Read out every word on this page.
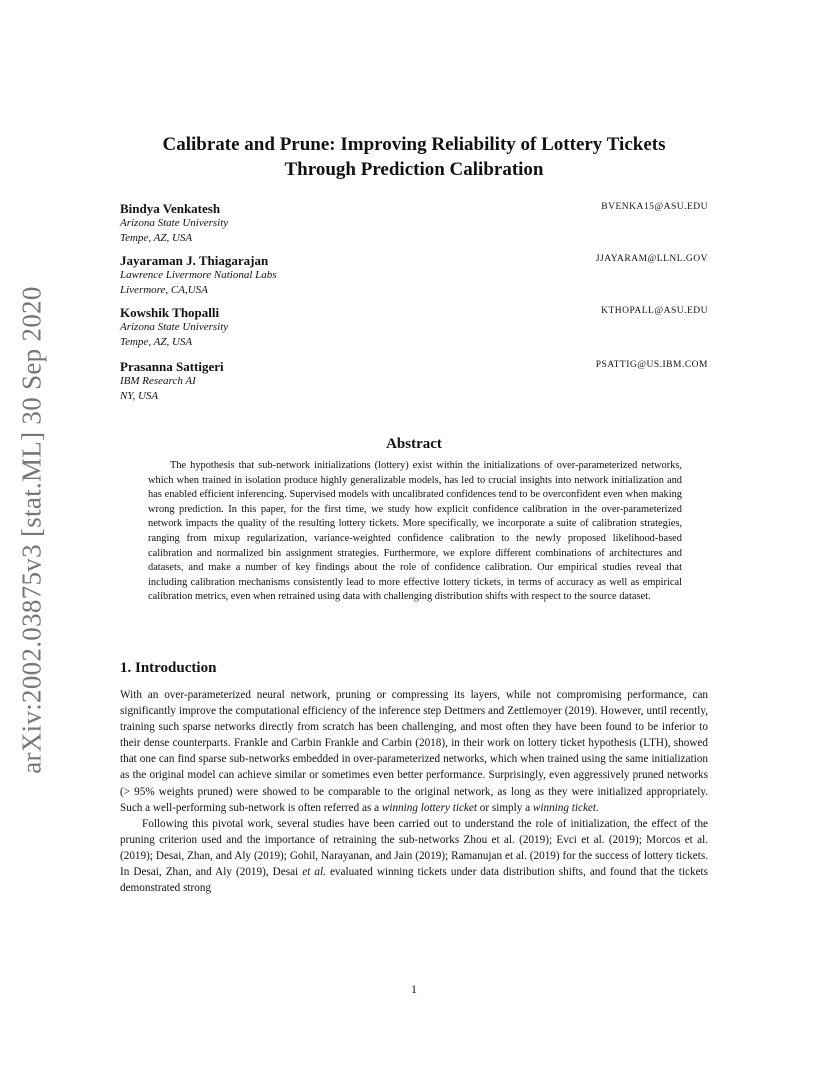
arXiv:2002.03875v3 [stat.ML] 30 Sep 2020
Calibrate and Prune: Improving Reliability of Lottery Tickets
Through Prediction Calibration
Bindya Venkatesh
Arizona State University
Tempe, AZ, USA
BVENKA15@ASU.EDU
Jayaraman J. Thiagarajan
Lawrence Livermore National Labs
Livermore, CA,USA
JJAYARAM@LLNL.GOV
Kowshik Thopalli
Arizona State University
Tempe, AZ, USA
KTHOPALL@ASU.EDU
Prasanna Sattigeri
IBM Research AI
NY, USA
PSATTIG@US.IBM.COM
Abstract
The hypothesis that sub-network initializations (lottery) exist within the initializations of over-parameterized networks, which when trained in isolation produce highly generalizable models, has led to crucial insights into network initialization and has enabled efficient inferencing. Supervised models with uncalibrated confidences tend to be overconfident even when making wrong prediction. In this paper, for the first time, we study how explicit confidence calibration in the over-parameterized network impacts the quality of the resulting lottery tickets. More specifically, we incorporate a suite of calibration strategies, ranging from mixup regularization, variance-weighted confidence calibration to the newly proposed likelihood-based calibration and normalized bin assignment strategies. Furthermore, we explore different combinations of architectures and datasets, and make a number of key findings about the role of confidence calibration. Our empirical studies reveal that including calibration mechanisms consistently lead to more effective lottery tickets, in terms of accuracy as well as empirical calibration metrics, even when retrained using data with challenging distribution shifts with respect to the source dataset.
1. Introduction

With an over-parameterized neural network, pruning or compressing its layers, while not compromising performance, can significantly improve the computational efficiency of the inference step Dettmers and Zettlemoyer (2019). However, until recently, training such sparse networks directly from scratch has been challenging, and most often they have been found to be inferior to their dense counterparts. Frankle and Carbin Frankle and Carbin (2018), in their work on lottery ticket hypothesis (LTH), showed that one can find sparse sub-networks embedded in over-parameterized networks, which when trained using the same initialization as the original model can achieve similar or sometimes even better performance. Surprisingly, even aggressively pruned networks (> 95% weights pruned) were showed to be comparable to the original network, as long as they were initialized appropriately. Such a well-performing sub-network is often referred as a winning lottery ticket or simply a winning ticket.

Following this pivotal work, several studies have been carried out to understand the role of initialization, the effect of the pruning criterion used and the importance of retraining the sub-networks Zhou et al. (2019); Evci et al. (2019); Morcos et al. (2019); Desai, Zhan, and Aly (2019); Gohil, Narayanan, and Jain (2019); Ramanujan et al. (2019) for the success of lottery tickets. In Desai, Zhan, and Aly (2019), Desai et al. evaluated winning tickets under data distribution shifts, and found that the tickets demonstrated strong

1
